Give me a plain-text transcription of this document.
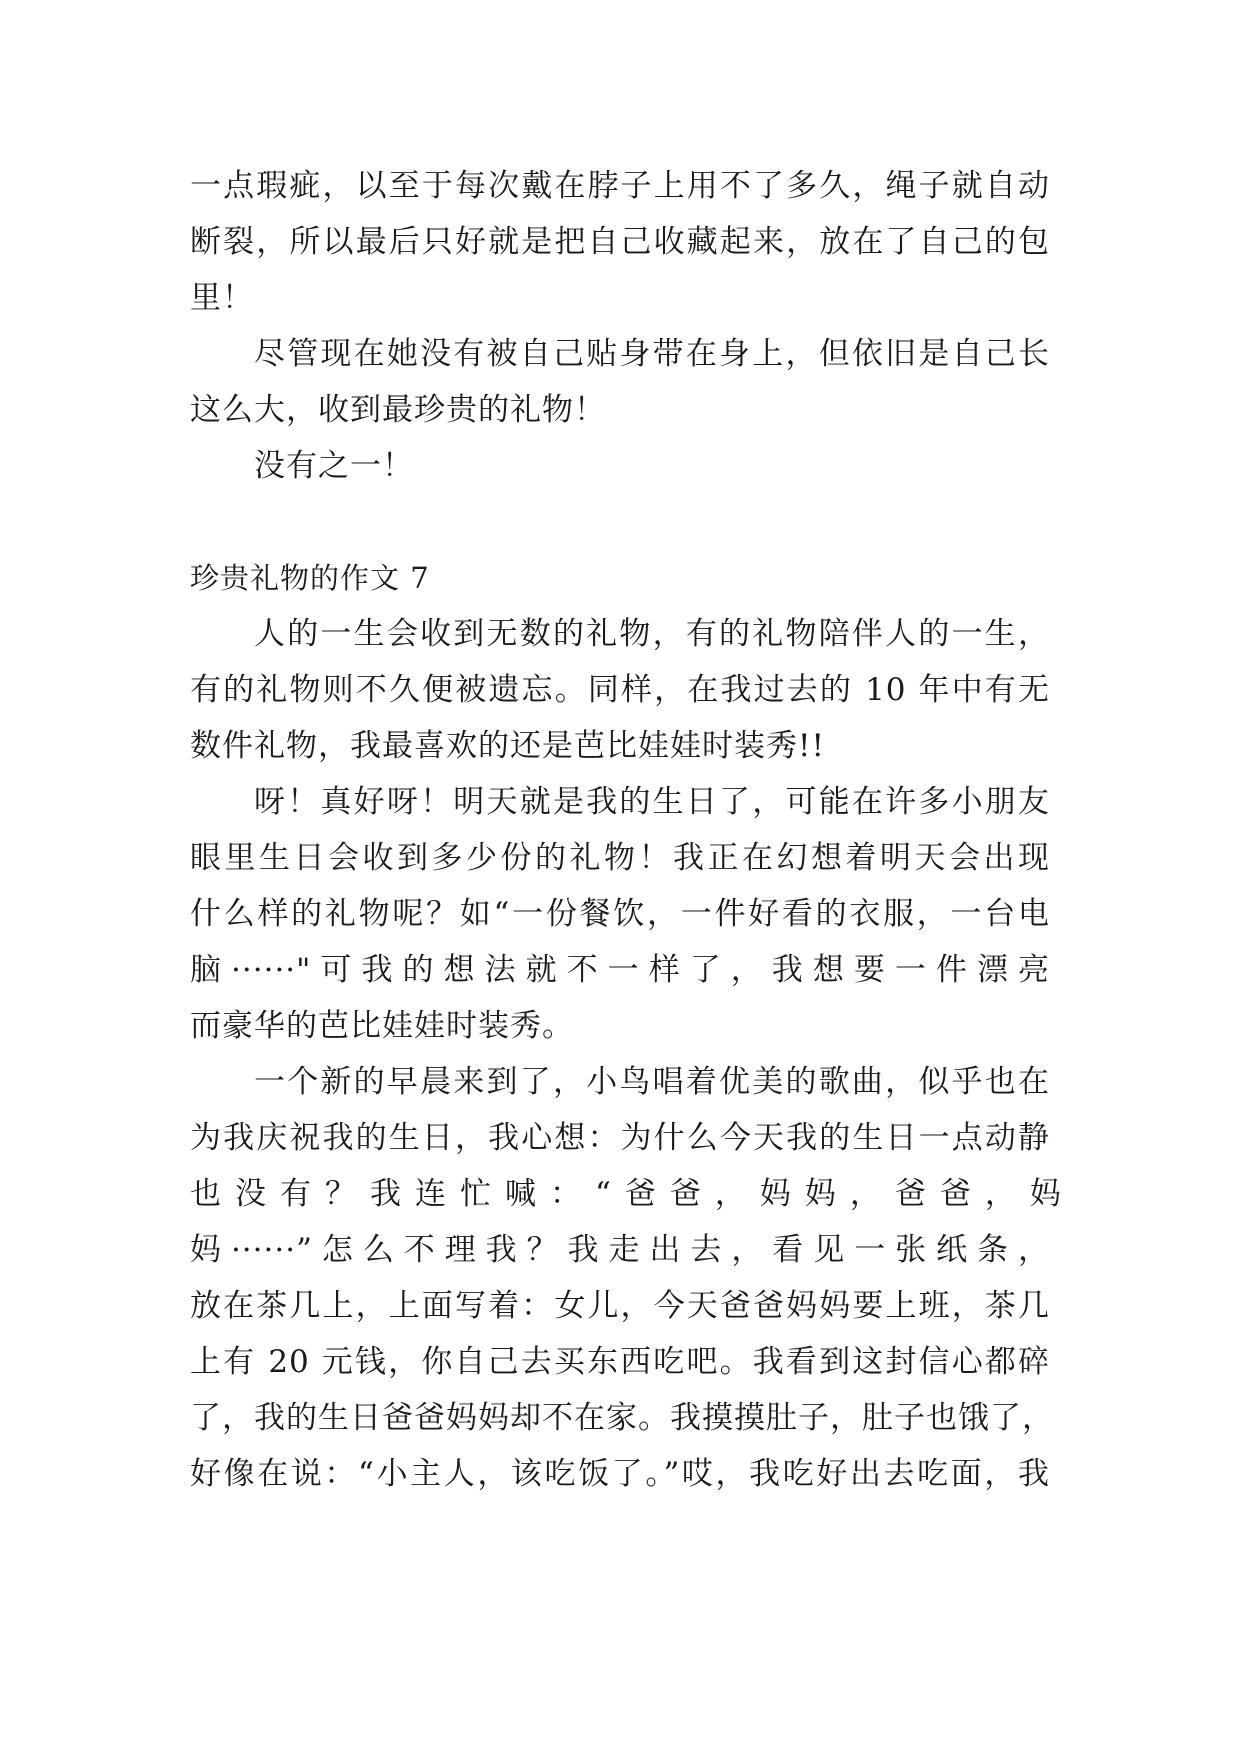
一点瑕疵，以至于每次戴在脖子上用不了多久，绳子就自动
断裂，所以最后只好就是把自己收藏起来，放在了自己的包
里！
尽管现在她没有被自己贴身带在身上，但依旧是自己长
这么大，收到最珍贵的礼物！
没有之一！
珍贵礼物的作文 7
人的一生会收到无数的礼物，有的礼物陪伴人的一生，
有的礼物则不久便被遗忘。同样，在我过去的 10 年中有无
数件礼物，我最喜欢的还是芭比娃娃时装秀!!
呀！真好呀！明天就是我的生日了，可能在许多小朋友
眼里生日会收到多少份的礼物！我正在幻想着明天会出现
什么样的礼物呢？如“一份餐饮，一件好看的衣服，一台电
脑······"可我的想法就不一样了，我想要一件漂亮
而豪华的芭比娃娃时装秀。
一个新的早晨来到了，小鸟唱着优美的歌曲，似乎也在
为我庆祝我的生日，我心想：为什么今天我的生日一点动静
也没有？我连忙喊：“爸爸，妈妈，爸爸，妈
妈······”怎么不理我？我走出去，看见一张纸条，
放在茶几上，上面写着：女儿，今天爸爸妈妈要上班，茶几
上有 20 元钱，你自己去买东西吃吧。我看到这封信心都碎
了，我的生日爸爸妈妈却不在家。我摸摸肚子，肚子也饿了，
好像在说：“小主人，该吃饭了。”哎，我吃好出去吃面，我
